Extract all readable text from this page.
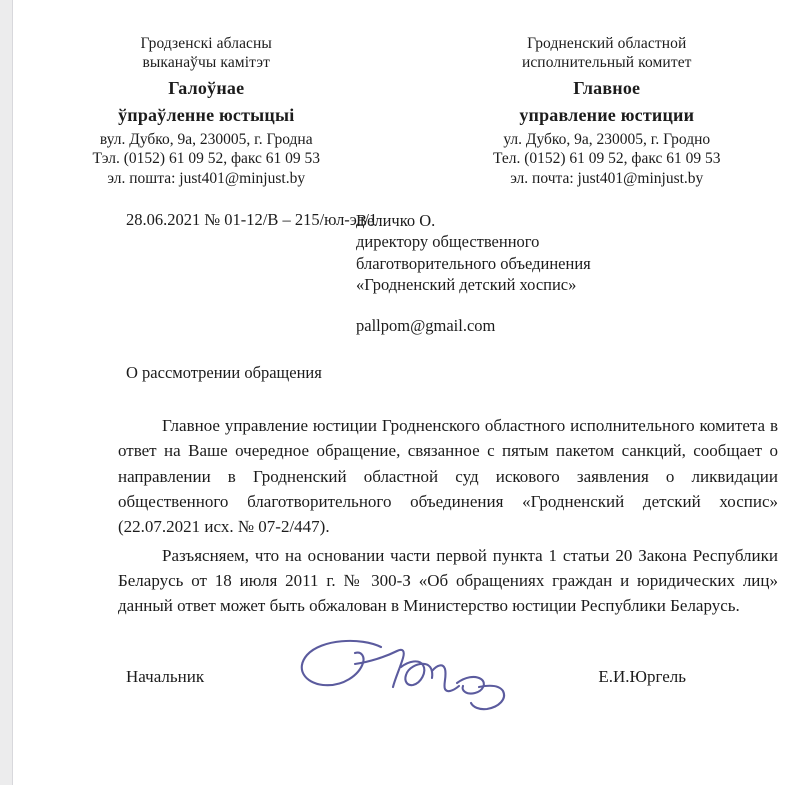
Гродзенскі абласны
выканаўчы камітэт
Галоўнае
ўпраўленне юстыцыі
вул. Дубко, 9а, 230005, г. Гродна
Тэл. (0152) 61 09 52, факс 61 09 53
эл. пошта: just401@minjust.by
Гродненский областной
исполнительный комитет
Главное
управление юстиции
ул. Дубко, 9а, 230005, г. Гродно
Тел. (0152) 61 09 52, факс 61 09 53
эл. почта: just401@minjust.by
28.06.2021 № 01-12/В – 215/юл-эд/1
Величко О.
директору общественного
благотворительного объединения
«Гродненский детский хоспис»
pallpom@gmail.com
О рассмотрении обращения

Главное управление юстиции Гродненского областного исполнительного комитета в ответ на Ваше очередное обращение, связанное с пятым пакетом санкций, сообщает о направлении в Гродненский областной суд искового заявления о ликвидации общественного благотворительного объединения «Гродненский детский хоспис» (22.07.2021 исх. № 07-2/447).

Разъясняем, что на основании части первой пункта 1 статьи 20 Закона Республики Беларусь от 18 июля 2011 г. № 300-З «Об обращениях граждан и юридических лиц» данный ответ может быть обжалован в Министерство юстиции Республики Беларусь.

Начальник	Е.И.Юргель
